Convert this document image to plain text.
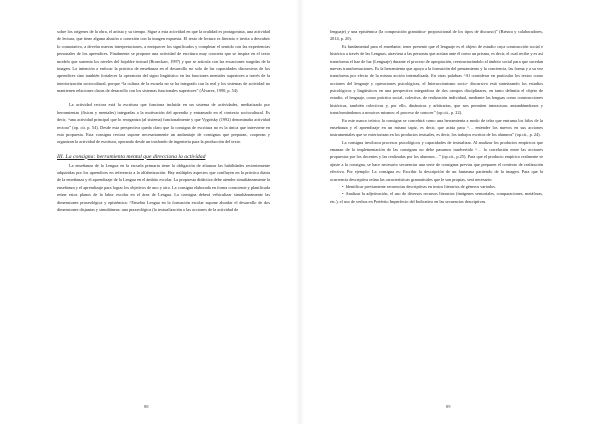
sobre los orígenes de la obra, el artista y su tiempo. Sigue a esta actividad en que la oralidad es protagonista, una actividad de lectura, que tiene alguna alusión o conexión con la imagen expuesta. El texto de lectura es literario e invita a descubrir lo connotativo, a develar nuevas interpretaciones, a enriquecer los significados y completar el sentido con las experiencias personales de los aprendices. Finalmente se propone una actividad de escritura muy concreta que se inspira en el texto modelo que sustenta los niveles del hojaldre textual (Bronckart, 1997) y que se articula con las ecuaciones surgidas de la imagen. La intención a enfocar la práctica de enseñanza en el desarrollo no solo de las capacidades discursivas de los aprendices sino también fortalecer la operatoria del signo lingüístico en las funciones mentales superiores a través de la interiorización sociocultural, porque “la cultura de la escuela no se ha integrado con la real y los sistemas de actividad no mantienen relaciones claras de desarrollo con los sistemas funcionales superiores” (Álvarez, 1990, p. 54).

La actividad rectora está la escritura que funciona incluida en un sistema de actividades, mediatizado por herramientas (físicas y mentales) integradas a la motivación del aprendiz y entramado en el contexto sociocultural. Es decir, “una actividad principal que lo reorganiza (al sistema) funcionalmente y que Vygotsky (1992) denominaba actividad rectora” (op. cit. p. 54). Desde esta perspectiva queda claro que la consigna de escritura no es la única que interviene en esta propuesta. Esta consigna rectora supone necesariamente un andamiaje de consignas que preparan, cooperan y organizan la actividad de escritura, operando desde un trasfondo de ingeniería para la producción del texto.

III. La consigna: herramienta mental que direcciona la actividad

La enseñanza de la Lengua en la escuela primaria tiene la obligación de afianzar las habilidades recientemente adquiridas por los aprendices en referencia a la alfabetización. Hay múltiples aspectos que confluyen en la práctica diaria de la enseñanza y el aprendizaje de la Lengua en el ámbito escolar. La propuesta didáctica debe atender simultáneamente la enseñanza y el aprendizaje para lograr los objetivos de uno y otro. La consigna elaborada en forma consciente y planificada reúne estos planos de la labor escolar en el área de Lengua. La consigna deberá vehiculizar simultáneamente las dimensiones praxeológica y epistémica: “Enseñar Lengua en la formación escolar supone abordar el desarrollo de dos dimensiones disjuntas y simultáneas: una praxeológica (la textualización o las acciones de la actividad de

88

lenguaje) y una epistémica (la composición gramática- proposicional de los tipos de discurso)” (Riestra y colaboradores, 2014, p. 20).

Es fundamental para el enseñante, tener presente que el lenguaje es el objeto de estudio cuya construcción social e histórica a través de las Lenguas, atraviesa a las personas que actúan ante él como un prisma, es decir, el cual recibe y es así transforma el haz de luz (Lenguaje) durante el proceso de apropiación, reestructurándolo al ámbito social para que sucedan nuevas transformaciones. Es la herramienta que apoya a la formación del pensamiento y la conciencia, las forma y a su vez transforma por efecto de la misma acción internalizada. En otras palabras “Al considerar en particular los textos como acciones del lenguaje y operaciones psicológicas, el Interaccionismo socio- discursivo está sintetizando los estudios psicológicos y lingüísticos en una perspectiva integradora de dos campos disciplinares, en tanto delimita el objeto de estudio, el lenguaje, como práctica social, colectiva, de realización individual, mediante las lenguas como construcciones históricas, también colectivas y, por ello, dinámicas y arbitrarias, que nos permiten interactuar, amundánndonos y transformándonos a nosotros mismos: el proceso de conocer” (op.cit., p. 22).

En este marco teórico la consigna se concebirá como una herramienta a modo de telar que entrama los hilos de la enseñanza y el aprendizaje en un mismo tapiz, es decir, que actúa para “… entender los nuevos en sus acciones instrumentales que se exteriorizan en los productos textuales, es decir, los trabajos escritos de los alumnos” (op.cit., p. 24).

La consigna involucra procesos psicológicos y capacidades de textualizar. Al analizar los productos empíricos que emanan de la implementación de las consignas no debe pasarnos inadvertido “… la correlación entre las acciones propuestas por los docentes y las realizadas por los alumnos…” (op.cit., p.25). Para que el producto empírico realmente se ajuste a la consigna, se hace necesario secuenciar una serie de consignas previas que preparen el contexto de realización efectiva. Por ejemplo: La consigna es: Escribir la descripción de un fantasma partiendo de la imagen. Para que la ocurrencia descriptiva reúna las características gramaticales que le son propias, será necesario:

• Identificar previamente secuencias descriptivas en textos literarios de géneros variados.
• Analizar la adjetivación, el uso de diversos recursos literarios (imágenes sensoriales, comparaciones, metáforas, etc.), el uso de verbos en Pretérito Imperfecto del Indicativo en las secuencias descriptivas.
89
